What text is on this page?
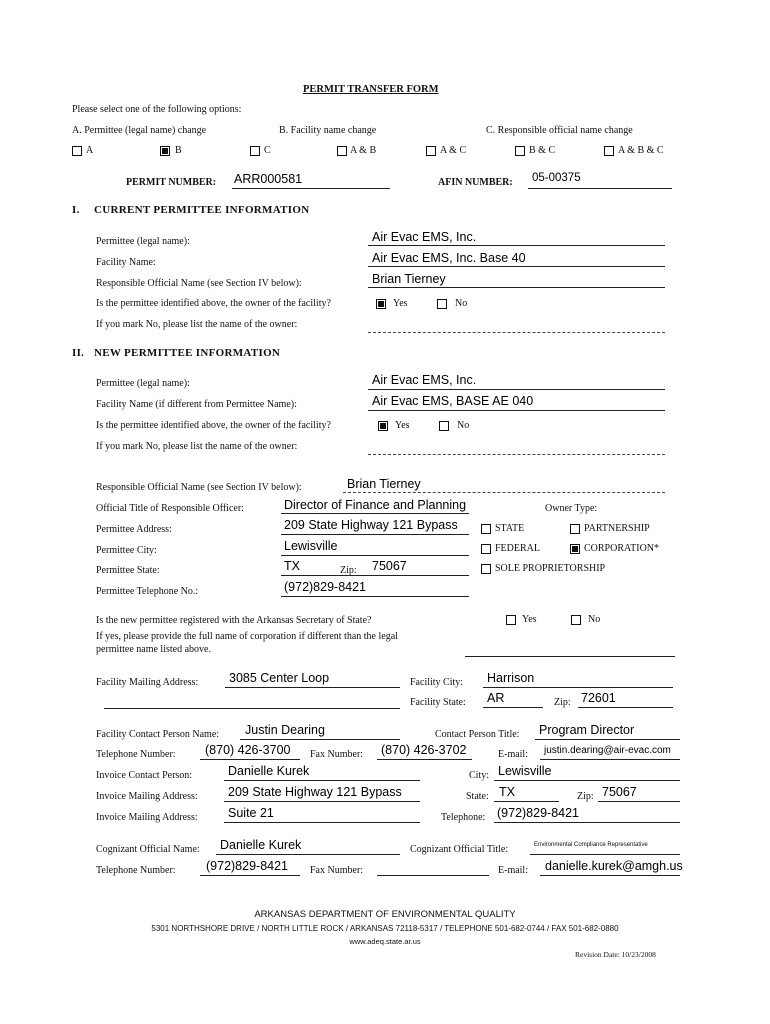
PERMIT TRANSFER FORM
Please select one of the following options:
A. Permittee (legal name) change	B. Facility name change	C. Responsible official name change
A	B	C	A & B	A & C	B & C	A & B & C
PERMIT NUMBER: ARR000581	AFIN NUMBER: 05-00375
I. CURRENT PERMITTEE INFORMATION
Permittee (legal name):	Air Evac EMS, Inc.
Facility Name:	Air Evac EMS, Inc. Base 40
Responsible Official Name (see Section IV below):	Brian Tierney
Is the permittee identified above, the owner of the facility?	Yes	No
If you mark No, please list the name of the owner:
II. NEW PERMITTEE INFORMATION
Permittee (legal name):	Air Evac EMS, Inc.
Facility Name (if different from Permittee Name):	Air Evac EMS, BASE AE 040
Is the permittee identified above, the owner of the facility?	Yes	No
If you mark No, please list the name of the owner:
Responsible Official Name (see Section IV below):	Brian Tierney
Official Title of Responsible Officer:	Director of Finance and Planning
Permittee Address:	209 State Highway 121 Bypass
Permittee City:	Lewisville
Permittee State:	TX	Zip: 75067
Permittee Telephone No.:	(972)829-8421
Owner Type:
STATE	PARTNERSHIP
FEDERAL	CORPORATION*
SOLE PROPRIETORSHIP
Is the new permittee registered with the Arkansas Secretary of State?	Yes	No
If yes, please provide the full name of corporation if different than the legal
permittee name listed above.
Facility Mailing Address: 3085 Center Loop	Facility City: Harrison
Facility State: AR	Zip: 72601
Facility Contact Person Name: Justin Dearing	Contact Person Title: Program Director
Telephone Number: (870) 426-3700 Fax Number: (870) 426-3702	E-mail: justin.dearing@air-evac.com
Invoice Contact Person:	Danielle Kurek	City: Lewisville
Invoice Mailing Address: 209 State Highway 121 Bypass	State: TX	Zip: 75067
Invoice Mailing Address: Suite 21	Telephone: (972)829-8421
Cognizant Official Name: Danielle Kurek	Cognizant Official Title:	Environmental Compliance Representative
Telephone Number: (972)829-8421 Fax Number:	E-mail: danielle.kurek@amgh.us
ARKANSAS DEPARTMENT OF ENVIRONMENTAL QUALITY
5301 NORTHSHORE DRIVE / NORTH LITTLE ROCK / ARKANSAS 72118-5317 / TELEPHONE 501-682-0744 / FAX 501-682-0880
www.adeq.state.ar.us
Revision Date: 10/23/2008
